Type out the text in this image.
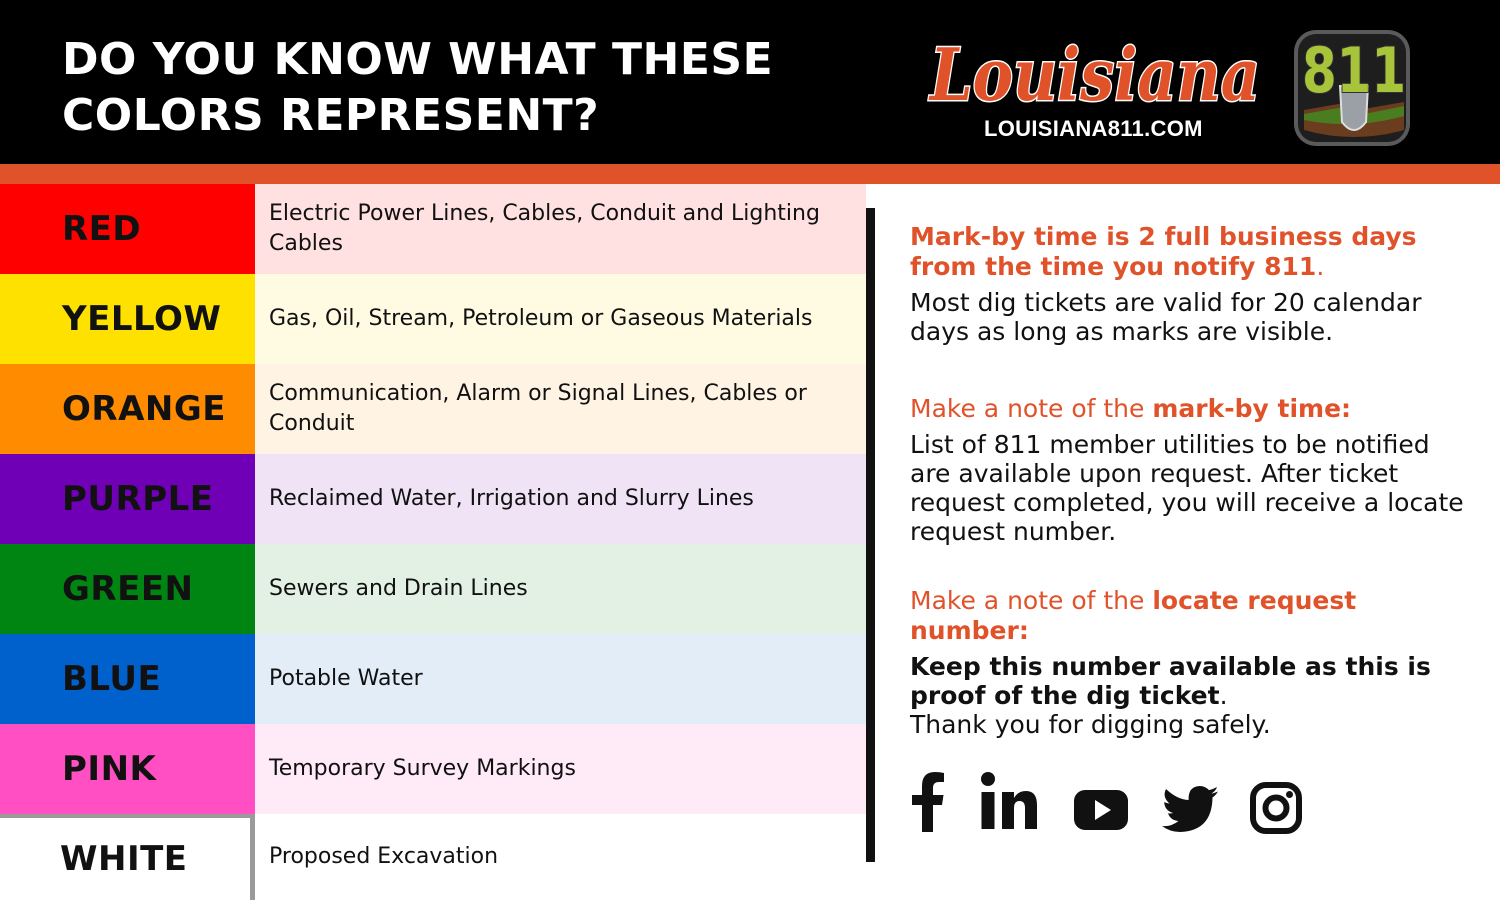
DO YOU KNOW WHAT THESE
COLORS REPRESENT?	Louisiana
LOUISIANA811.COM
811
RED	Electric Power Lines, Cables, Conduit and Lighting Cables
YELLOW	Gas, Oil, Stream, Petroleum or Gaseous Materials
ORANGE	Communication, Alarm or Signal Lines, Cables or Conduit
PURPLE	Reclaimed Water, Irrigation and Slurry Lines
GREEN	Sewers and Drain Lines
BLUE	Potable Water
PINK	Temporary Survey Markings
WHITE	Proposed Excavation
Mark-by time is 2 full business days from the time you notify 811.
Most dig tickets are valid for 20 calendar days as long as marks are visible.
Make a note of the mark-by time:
List of 811 member utilities to be notified are available upon request. After ticket request completed, you will receive a locate request number.
Make a note of the locate request number:
Keep this number available as this is proof of the dig ticket.
Thank you for digging safely.
